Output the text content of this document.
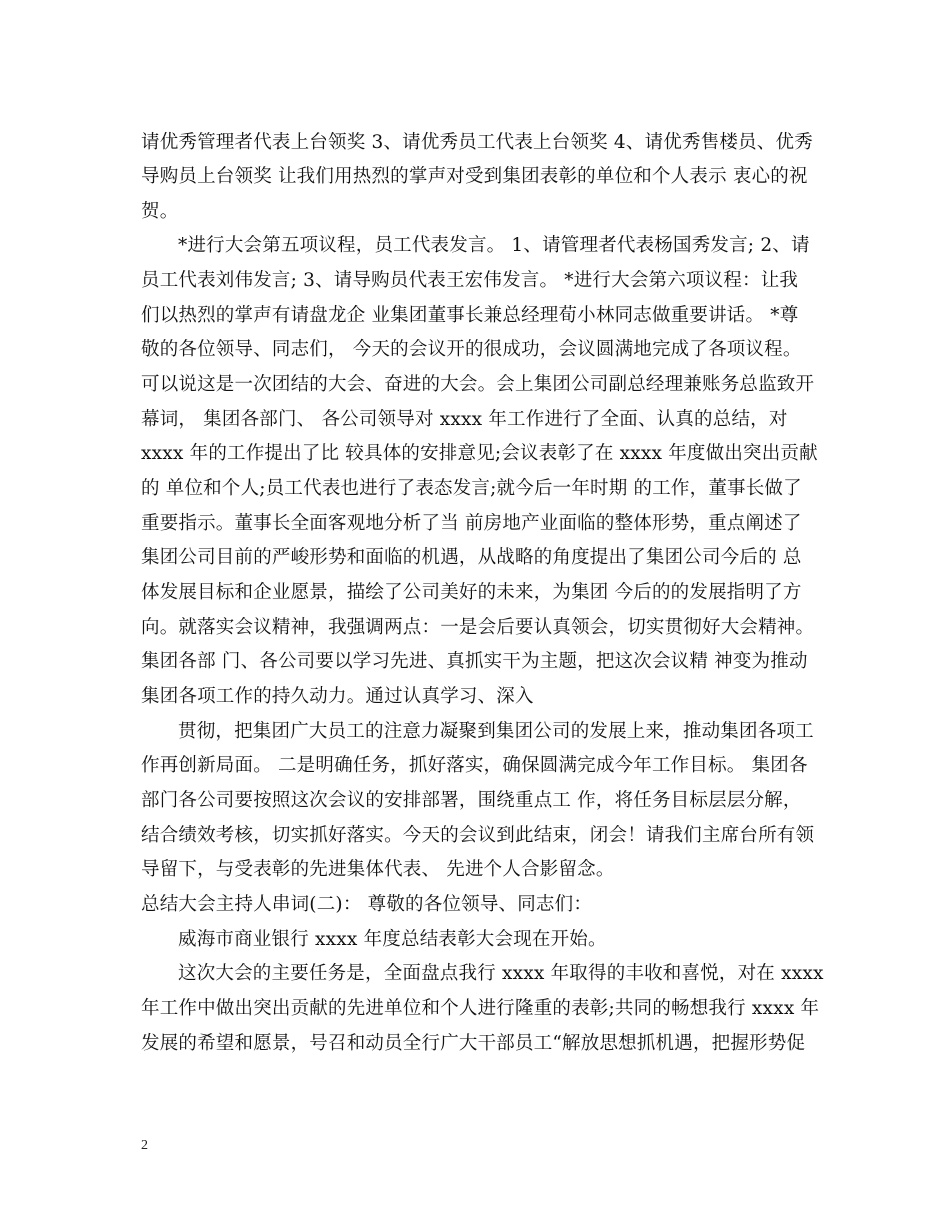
请优秀管理者代表上台领奖 3、请优秀员工代表上台领奖 4、请优秀售楼员、优秀
导购员上台领奖 让我们用热烈的掌声对受到集团表彰的单位和个人表示 衷心的祝
贺。
*进行大会第五项议程，员工代表发言。 1、请管理者代表杨国秀发言; 2、请
员工代表刘伟发言; 3、请导购员代表王宏伟发言。 *进行大会第六项议程：让我
们以热烈的掌声有请盘龙企 业集团董事长兼总经理荀小林同志做重要讲话。 *尊
敬的各位领导、同志们， 今天的会议开的很成功，会议圆满地完成了各项议程。
可以说这是一次团结的大会、奋进的大会。会上集团公司副总经理兼账务总监致开
幕词， 集团各部门、 各公司领导对 xxxx 年工作进行了全面、认真的总结，对
xxxx 年的工作提出了比 较具体的安排意见;会议表彰了在 xxxx 年度做出突出贡献
的 单位和个人;员工代表也进行了表态发言;就今后一年时期 的工作，董事长做了
重要指示。董事长全面客观地分析了当 前房地产业面临的整体形势，重点阐述了
集团公司目前的严峻形势和面临的机遇，从战略的角度提出了集团公司今后的 总
体发展目标和企业愿景，描绘了公司美好的未来，为集团 今后的的发展指明了方
向。就落实会议精神，我强调两点：一是会后要认真领会，切实贯彻好大会精神。
集团各部 门、各公司要以学习先进、真抓实干为主题，把这次会议精 神变为推动
集团各项工作的持久动力。通过认真学习、深入
贯彻，把集团广大员工的注意力凝聚到集团公司的发展上来，推动集团各项工
作再创新局面。 二是明确任务，抓好落实，确保圆满完成今年工作目标。 集团各
部门各公司要按照这次会议的安排部署，围绕重点工 作，将任务目标层层分解，
结合绩效考核，切实抓好落实。今天的会议到此结束，闭会！请我们主席台所有领
导留下，与受表彰的先进集体代表、 先进个人合影留念。
总结大会主持人串词(二)： 尊敬的各位领导、同志们：
威海市商业银行 xxxx 年度总结表彰大会现在开始。
这次大会的主要任务是，全面盘点我行 xxxx 年取得的丰收和喜悦，对在 xxxx
年工作中做出突出贡献的先进单位和个人进行隆重的表彰;共同的畅想我行 xxxx 年
发展的希望和愿景，号召和动员全行广大干部员工“解放思想抓机遇，把握形势促
2
